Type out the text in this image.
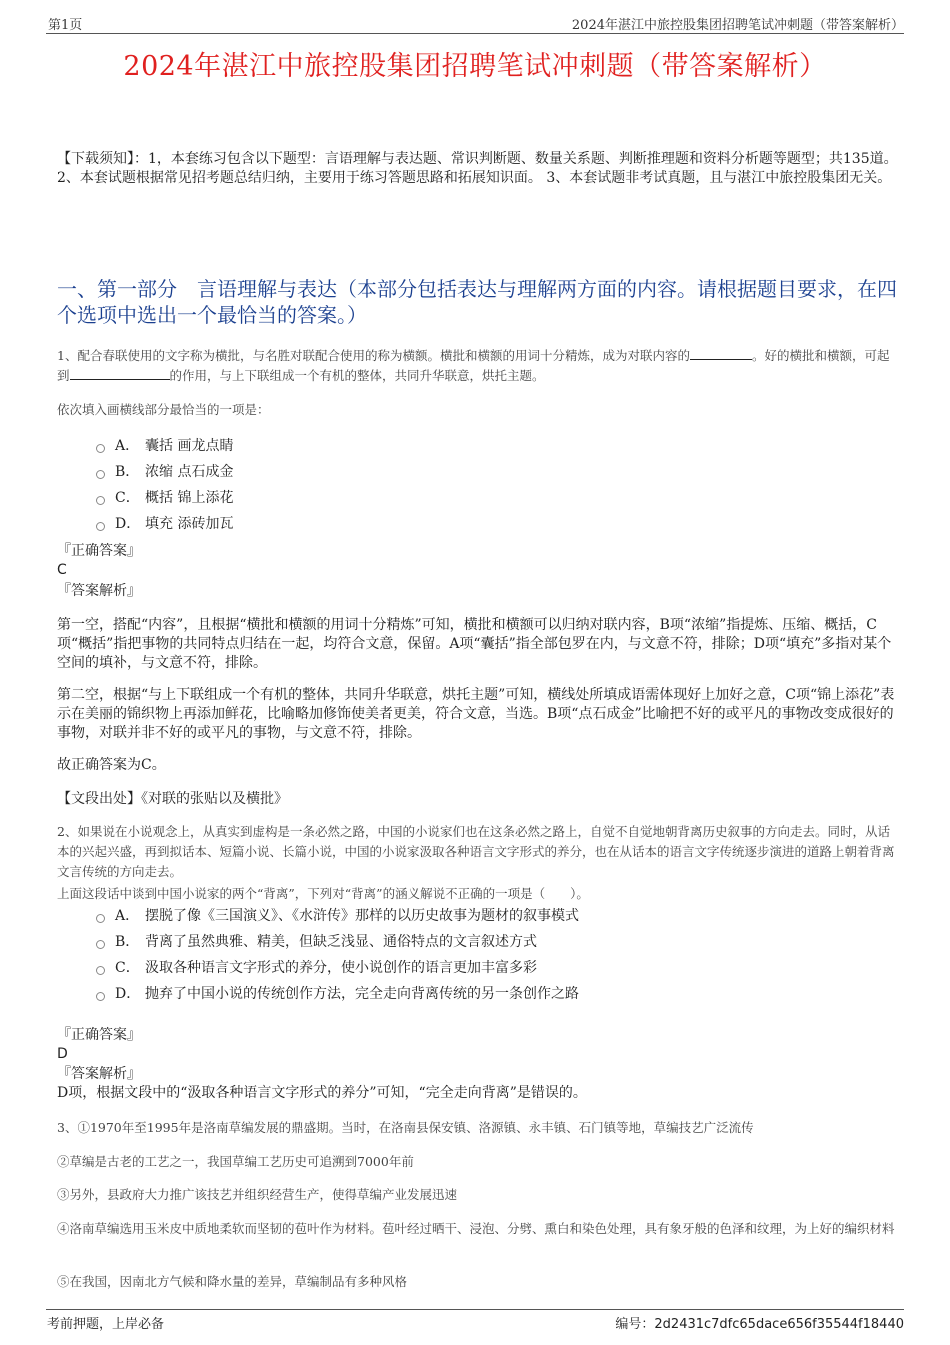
第1页	2024年湛江中旅控股集团招聘笔试冲刺题（带答案解析）
2024年湛江中旅控股集团招聘笔试冲刺题（带答案解析）
【下载须知】：1，本套练习包含以下题型：言语理解与表达题、常识判断题、数量关系题、判断推理题和资料分析题等题型；共135道。 2、本套试题根据常见招考题总结归纳，主要用于练习答题思路和拓展知识面。 3、本套试题非考试真题，且与湛江中旅控股集团无关。
一、第一部分　言语理解与表达（本部分包括表达与理解两方面的内容。请根据题目要求，在四个选项中选出一个最恰当的答案。）
1、配合春联使用的文字称为横批，与名胜对联配合使用的称为横额。横批和横额的用词十分精炼，成为对联内容的	。好的横批和横额，可起到	的作用，与上下联组成一个有机的整体，共同升华联意，烘托主题。
依次填入画横线部分最恰当的一项是：
A． 囊括 画龙点睛
B． 浓缩 点石成金
C． 概括 锦上添花
D． 填充 添砖加瓦
『正确答案』
C
『答案解析』
第一空，搭配“内容”，且根据“横批和横额的用词十分精炼”可知，横批和横额可以归纳对联内容，B项“浓缩”指提炼、压缩、概括，C项“概括”指把事物的共同特点归结在一起，均符合文意，保留。A项“囊括”指全部包罗在内，与文意不符，排除；D项“填充”多指对某个空间的填补，与文意不符，排除。
第二空，根据“与上下联组成一个有机的整体，共同升华联意，烘托主题”可知，横线处所填成语需体现好上加好之意，C项“锦上添花”表示在美丽的锦织物上再添加鲜花，比喻略加修饰使美者更美，符合文意，当选。B项“点石成金”比喻把不好的或平凡的事物改变成很好的事物，对联并非不好的或平凡的事物，与文意不符，排除。
故正确答案为C。
【文段出处】《对联的张贴以及横批》
2、如果说在小说观念上，从真实到虚构是一条必然之路，中国的小说家们也在这条必然之路上，自觉不自觉地朝背离历史叙事的方向走去。同时，从话本的兴起兴盛，再到拟话本、短篇小说、长篇小说，中国的小说家汲取各种语言文字形式的养分，也在从话本的语言文字传统逐步演进的道路上朝着背离文言传统的方向走去。
上面这段话中谈到中国小说家的两个“背离”，下列对“背离”的涵义解说不正确的一项是（　　）。
A． 摆脱了像《三国演义》、《水浒传》那样的以历史故事为题材的叙事模式
B． 背离了虽然典雅、精美，但缺乏浅显、通俗特点的文言叙述方式
C． 汲取各种语言文字形式的养分，使小说创作的语言更加丰富多彩
D． 抛弃了中国小说的传统创作方法，完全走向背离传统的另一条创作之路
『正确答案』
D
『答案解析』
D项，根据文段中的“汲取各种语言文字形式的养分”可知，“完全走向背离”是错误的。
3、①1970年至1995年是洛南草编发展的鼎盛期。当时，在洛南县保安镇、洛源镇、永丰镇、石门镇等地，草编技艺广泛流传
②草编是古老的工艺之一，我国草编工艺历史可追溯到7000年前
③另外，县政府大力推广该技艺并组织经营生产，使得草编产业发展迅速
④洛南草编选用玉米皮中质地柔软而坚韧的苞叶作为材料。苞叶经过晒干、浸泡、分劈、熏白和染色处理，具有象牙般的色泽和纹理，为上好的编织材料
⑤在我国，因南北方气候和降水量的差异，草编制品有多种风格
考前押题，上岸必备	编号：2d2431c7dfc65dace656f35544f18440
